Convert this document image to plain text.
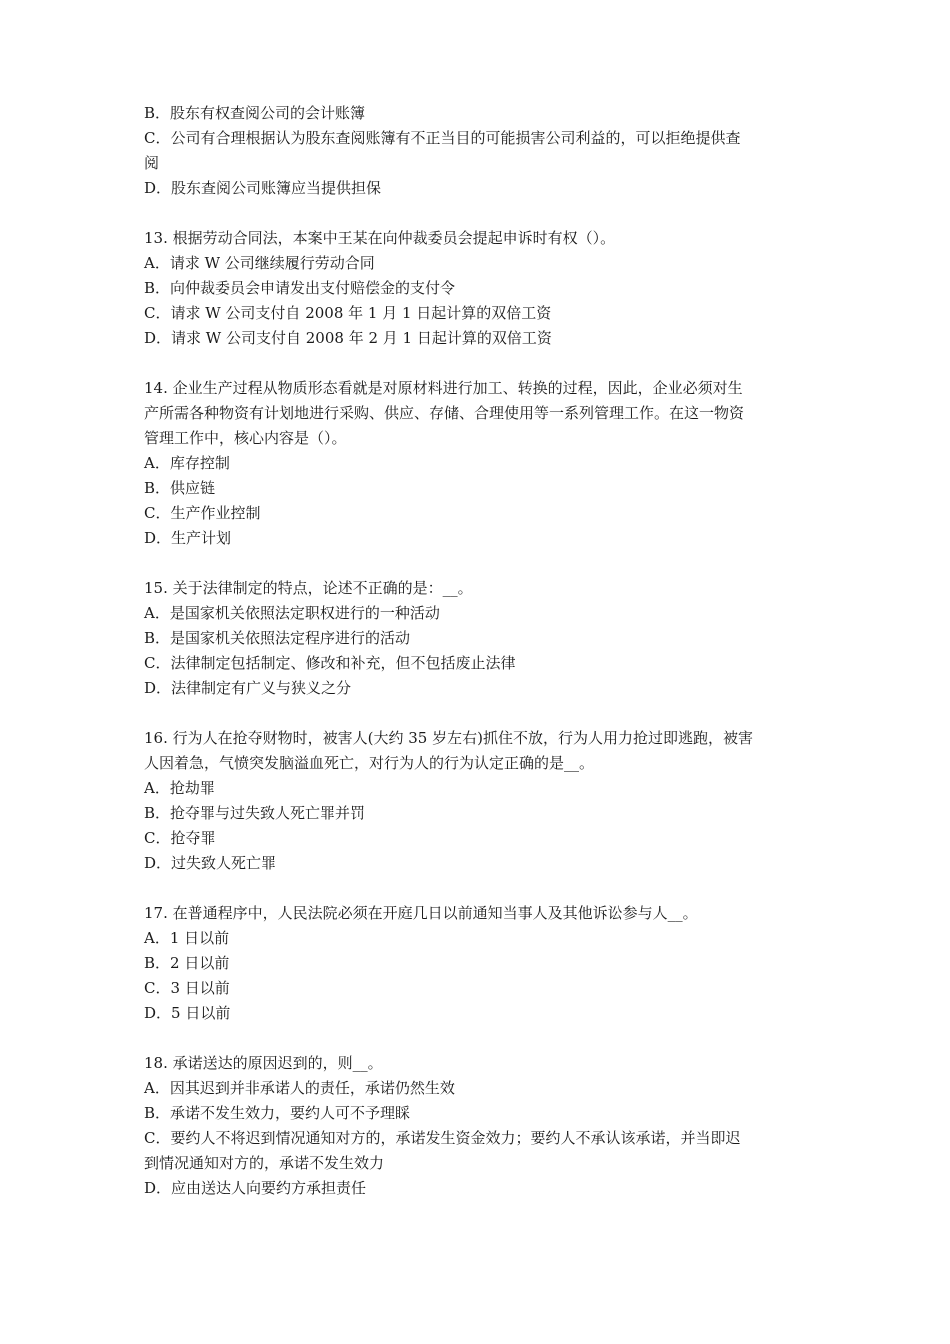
B．股东有权查阅公司的会计账簿
C．公司有合理根据认为股东查阅账簿有不正当目的可能损害公司利益的，可以拒绝提供查
阅
D．股东查阅公司账簿应当提供担保
13. 根据劳动合同法，本案中王某在向仲裁委员会提起申诉时有权（）。
A．请求 W 公司继续履行劳动合同
B．向仲裁委员会申请发出支付赔偿金的支付令
C．请求 W 公司支付自 2008 年 1 月 1 日起计算的双倍工资
D．请求 W 公司支付自 2008 年 2 月 1 日起计算的双倍工资
14. 企业生产过程从物质形态看就是对原材料进行加工、转换的过程，因此，企业必须对生
产所需各种物资有计划地进行采购、供应、存储、合理使用等一系列管理工作。在这一物资
管理工作中，核心内容是（）。
A．库存控制
B．供应链
C．生产作业控制
D．生产计划
15. 关于法律制定的特点，论述不正确的是：__。
A．是国家机关依照法定职权进行的一种活动
B．是国家机关依照法定程序进行的活动
C．法律制定包括制定、修改和补充，但不包括废止法律
D．法律制定有广义与狭义之分
16. 行为人在抢夺财物时，被害人(大约 35 岁左右)抓住不放，行为人用力抢过即逃跑，被害
人因着急，气愤突发脑溢血死亡，对行为人的行为认定正确的是__。
A．抢劫罪
B．抢夺罪与过失致人死亡罪并罚
C．抢夺罪
D．过失致人死亡罪
17. 在普通程序中，人民法院必须在开庭几日以前通知当事人及其他诉讼参与人__。
A．1 日以前
B．2 日以前
C．3 日以前
D．5 日以前
18. 承诺送达的原因迟到的，则__。
A．因其迟到并非承诺人的责任，承诺仍然生效
B．承诺不发生效力，要约人可不予理睬
C．要约人不将迟到情况通知对方的，承诺发生资金效力；要约人不承认该承诺，并当即迟
到情况通知对方的，承诺不发生效力
D．应由送达人向要约方承担责任
